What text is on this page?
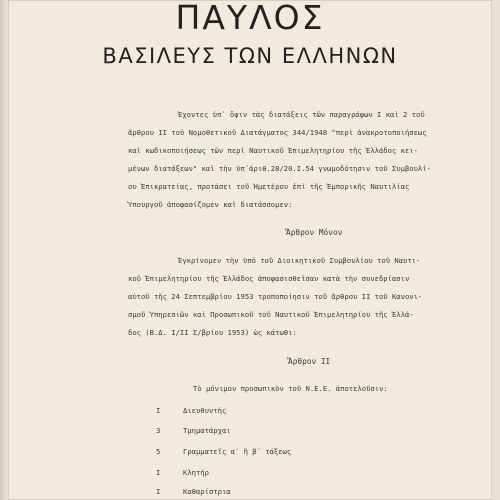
ΠΑΥΛΟΣ
ΒΑΣΙΛΕΥΣ ΤΩΝ ΕΛΛΗΝΩΝ
Έχοντες ὑπ᾽ ὄψιν τὰς διατάξεις τῶν παραγράφων Ι καὶ 2 τοῦ
ἄρθρου ΙΙ τοῦ Νομοθετικοῦ Διατάγματος 344/1948 "περὶ ἀνακροτοποιήσεως
καὶ κωδικοποιήσεως τῶν περὶ Ναυτικοῦ Ἐπιμελητηρίου τῆς Ἑλλάδος κει-
μένων διατάξεων" καὶ τὴν ὑπ᾽ἀριθ.28/20.Ι.54 γνωμοδότησιν τοῦ Συμβουλί-
ου Ἐπικρατείας, προτάσει τοῦ Ἡμετέρου ἐπὶ τῆς Ἐμπορικῆς Ναυτιλίας
Ὑπουργοῦ ἀποφασίζομεν καὶ διατάσσομεν:
Ἄρθρον Μόνον
Ἐγκρίνομεν τὴν ὑπὸ τοῦ Διοικητικοῦ Συμβουλίου τοῦ Ναυτι-
κοῦ Ἐπιμελητηρίου τῆς Ἑλλάδος ἀποφασισθεῖσαν κατὰ τὴν συνεδρίασιν
αὐτοῦ τῆς 24 Σεπτεμβρίου 1953 τροποποίησιν τοῦ ἄρθρου ΙΙ τοῦ Κανονι-
σμοῦ Ὑπηρεσιῶν καὶ Προσωπικοῦ τοῦ Ναυτικοῦ Ἐπιμελητηρίου τῆς Ἑλλά-
δος (Β.Δ. Ι/ΙΙ Σ/βρίου 1953) ὡς κάτωθι:
Ἄρθρον ΙΙ
Τὸ μόνιμον προσωπικὸν τοῦ Ν.Ε.Ε. ἀποτελοῦσιν:
Ι	Διευθυντής
3	Τμηματάρχαι
5	Γραμματεῖς α᾽ ἢ β᾽ τάξεως
Ι	Κλητήρ
Ι	Καθαρίστρια
